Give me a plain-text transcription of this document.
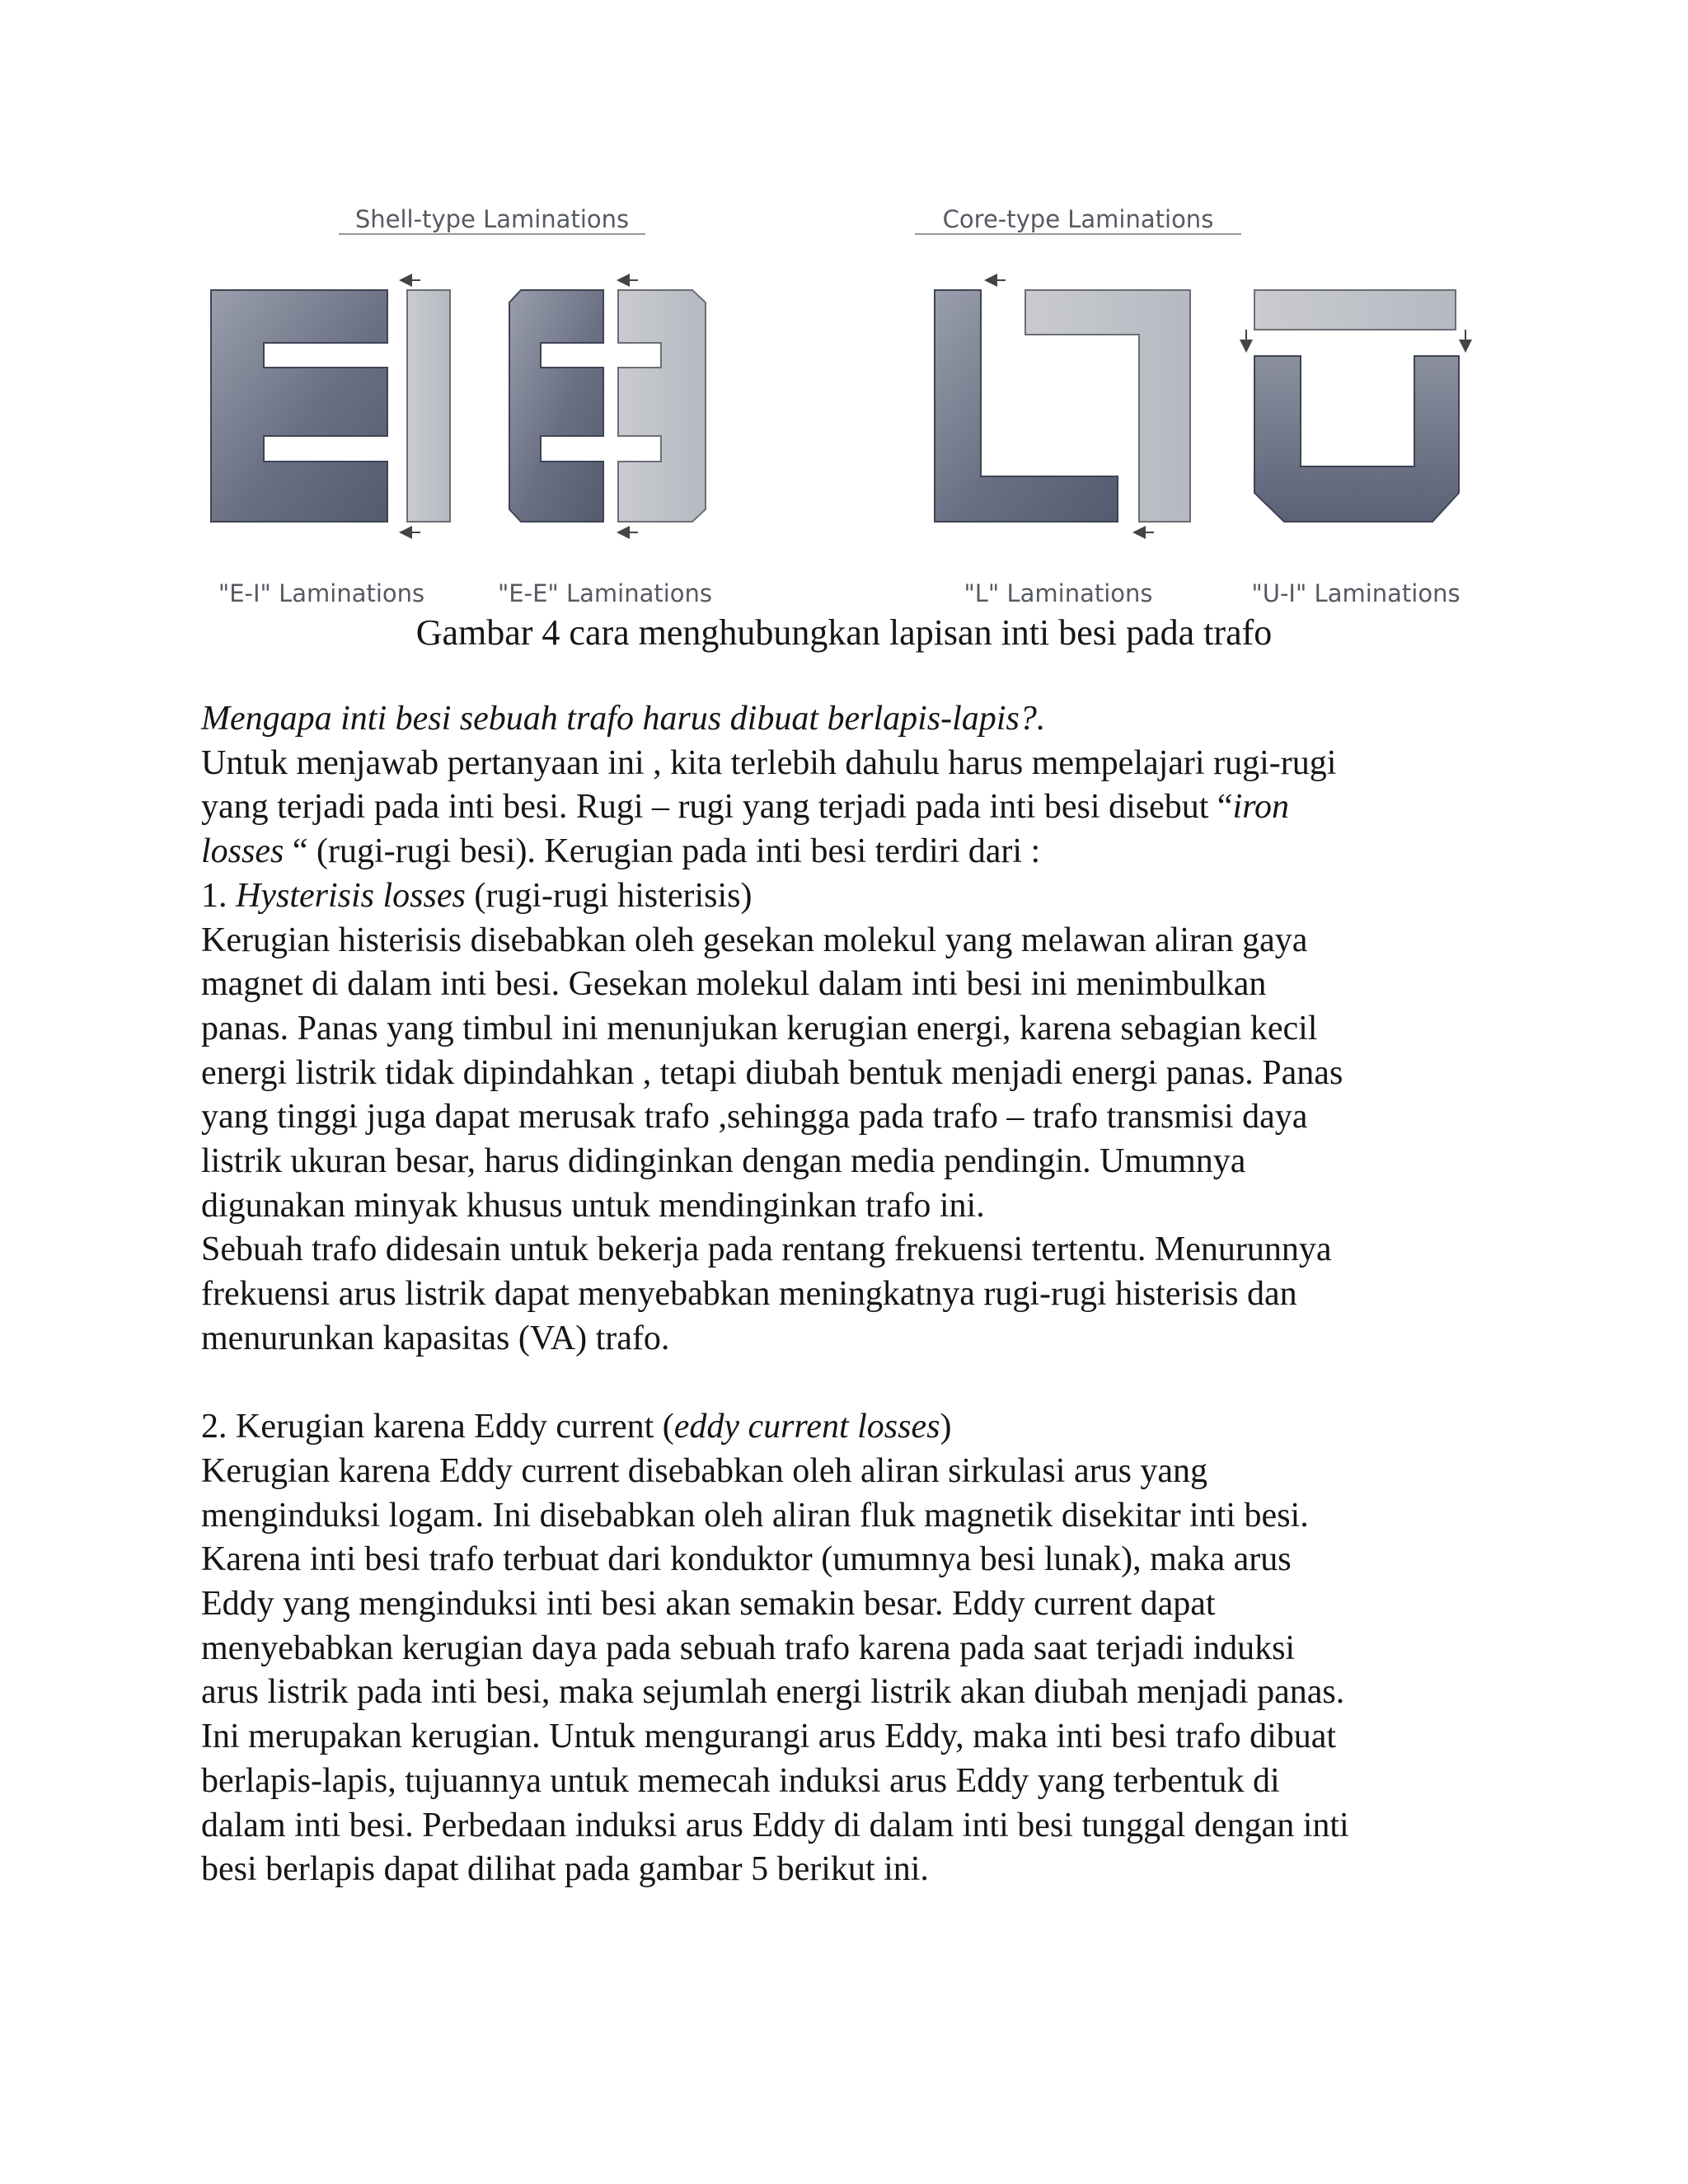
Shell-type Laminations	Core-type Laminations
"E-I" Laminations	"E-E" Laminations	"L" Laminations	"U-I" Laminations
Gambar 4 cara menghubungkan lapisan inti besi pada trafo
Mengapa inti besi sebuah trafo harus dibuat berlapis-lapis?.
Untuk menjawab pertanyaan ini , kita terlebih dahulu harus mempelajari rugi-rugi
yang terjadi pada inti besi. Rugi – rugi yang terjadi pada inti besi disebut “iron
losses “ (rugi-rugi besi). Kerugian pada inti besi terdiri dari :
1. Hysterisis losses (rugi-rugi histerisis)
Kerugian histerisis disebabkan oleh gesekan molekul yang melawan aliran gaya
magnet di dalam inti besi. Gesekan molekul dalam inti besi ini menimbulkan
panas. Panas yang timbul ini menunjukan kerugian energi, karena sebagian kecil
energi listrik tidak dipindahkan , tetapi diubah bentuk menjadi energi panas. Panas
yang tinggi juga dapat merusak trafo ,sehingga pada trafo – trafo transmisi daya
listrik ukuran besar, harus didinginkan dengan media pendingin. Umumnya
digunakan minyak khusus untuk mendinginkan trafo ini.
Sebuah trafo didesain untuk bekerja pada rentang frekuensi tertentu. Menurunnya
frekuensi arus listrik dapat menyebabkan meningkatnya rugi-rugi histerisis dan
menurunkan kapasitas (VA) trafo.
2. Kerugian karena Eddy current (eddy current losses)
Kerugian karena Eddy current disebabkan oleh aliran sirkulasi arus yang
menginduksi logam. Ini disebabkan oleh aliran fluk magnetik disekitar inti besi.
Karena inti besi trafo terbuat dari konduktor (umumnya besi lunak), maka arus
Eddy yang menginduksi inti besi akan semakin besar. Eddy current dapat
menyebabkan kerugian daya pada sebuah trafo karena pada saat terjadi induksi
arus listrik pada inti besi, maka sejumlah energi listrik akan diubah menjadi panas.
Ini merupakan kerugian. Untuk mengurangi arus Eddy, maka inti besi trafo dibuat
berlapis-lapis, tujuannya untuk memecah induksi arus Eddy yang terbentuk di
dalam inti besi. Perbedaan induksi arus Eddy di dalam inti besi tunggal dengan inti
besi berlapis dapat dilihat pada gambar 5 berikut ini.
